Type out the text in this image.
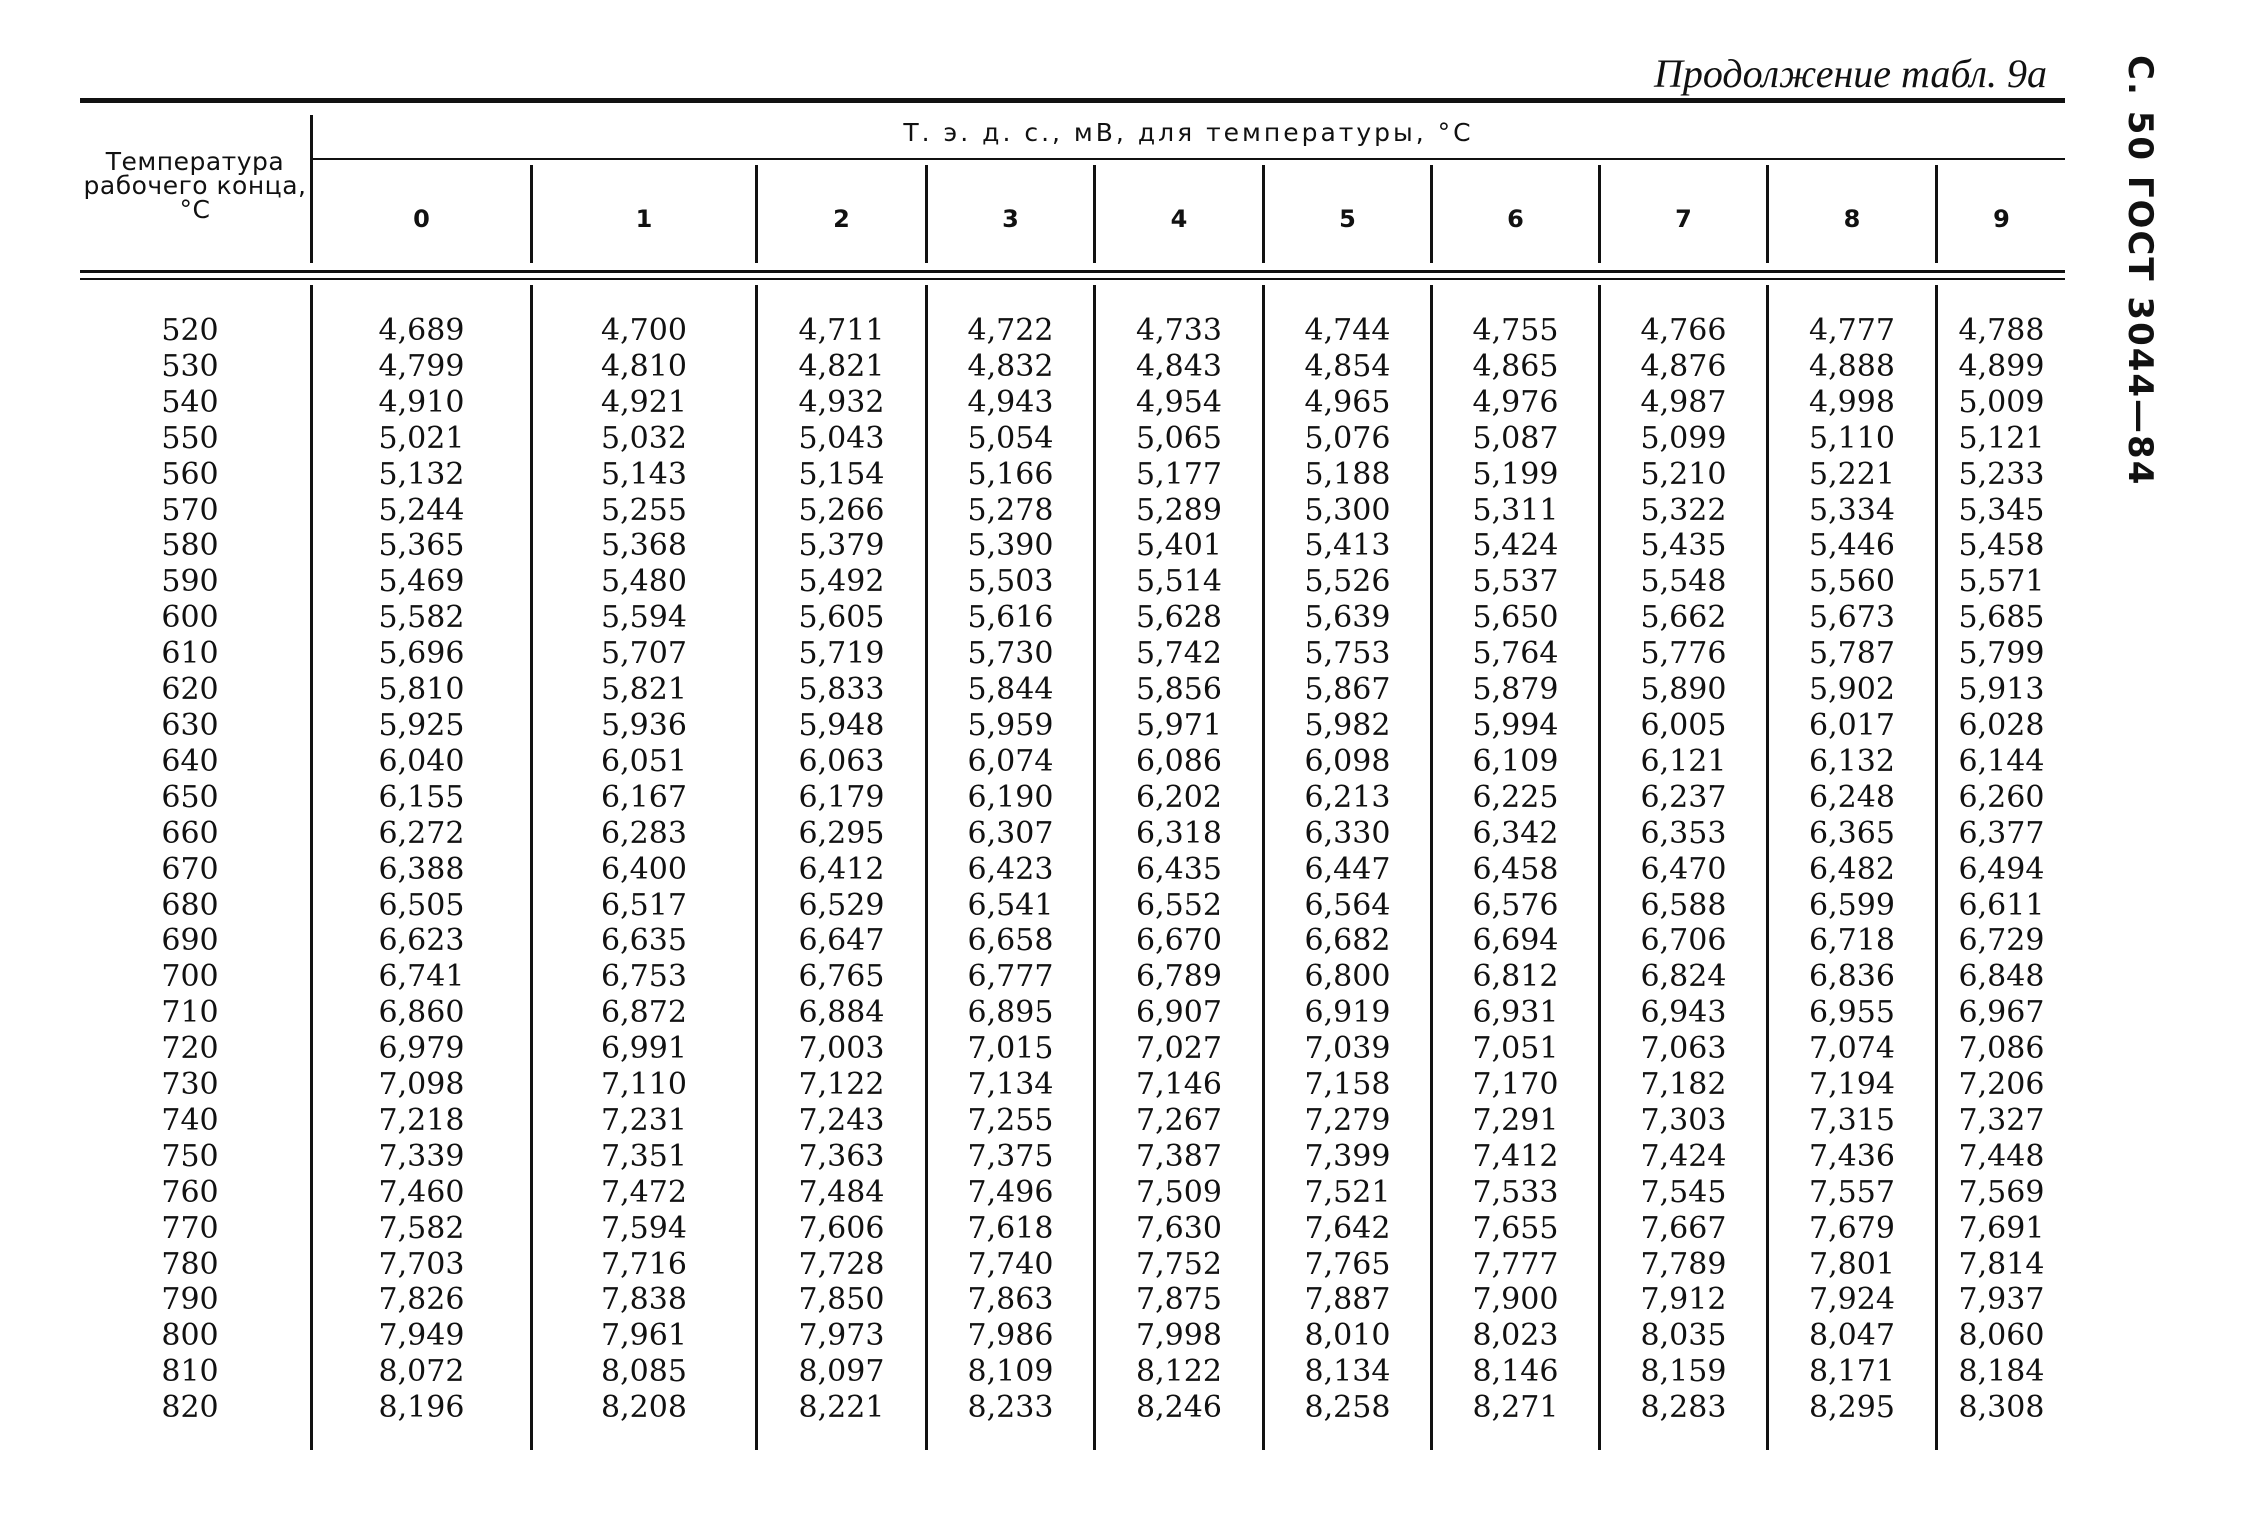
Продолжение табл. 9а С. 50 ГОСТ 3044—84
Температура рабочего конца, °С
Т. э. д. с., мВ, для температуры, °С
0
4,689
4,799
4,910
5,021
5,132
5,244
5,365
5,469
5,582
5,696
5,810
5,925
6,040
6,155
6,272
6,388
6,505
6,623
6,741
6,860
6,979
7,098
7,218
7,339
7,460
7,582
7,703
7,826
7,949
8,072
8,196
1
4,700
4,810
4,921
5,032
5,143
5,255
5,368
5,480
5,594
5,707
5,821
5,936
6,051
6,167
6,283
6,400
6,517
6,635
6,753
6,872
6,991
7,110
7,231
7,351
7,472
7,594
7,716
7,838
7,961
8,085
8,208
2
4,711
4,821
4,932
5,043
5,154
5,266
5,379
5,492
5,605
5,719
5,833
5,948
6,063
6,179
6,295
6,412
6,529
6,647
6,765
6,884
7,003
7,122
7,243
7,363
7,484
7,606
7,728
7,850
7,973
8,097
8,221
3
4,722
4,832
4,943
5,054
5,166
5,278
5,390
5,503
5,616
5,730
5,844
5,959
6,074
6,190
6,307
6,423
6,541
6,658
6,777
6,895
7,015
7,134
7,255
7,375
7,496
7,618
7,740
7,863
7,986
8,109
8,233
4
4,733
4,843
4,954
5,065
5,177
5,289
5,401
5,514
5,628
5,742
5,856
5,971
6,086
6,202
6,318
6,435
6,552
6,670
6,789
6,907
7,027
7,146
7,267
7,387
7,509
7,630
7,752
7,875
7,998
8,122
8,246
5
4,744
4,854
4,965
5,076
5,188
5,300
5,413
5,526
5,639
5,753
5,867
5,982
6,098
6,213
6,330
6,447
6,564
6,682
6,800
6,919
7,039
7,158
7,279
7,399
7,521
7,642
7,765
7,887
8,010
8,134
8,258
6
4,755
4,865
4,976
5,087
5,199
5,311
5,424
5,537
5,650
5,764
5,879
5,994
6,109
6,225
6,342
6,458
6,576
6,694
6,812
6,931
7,051
7,170
7,291
7,412
7,533
7,655
7,777
7,900
8,023
8,146
8,271
7
4,766
4,876
4,987
5,099
5,210
5,322
5,435
5,548
5,662
5,776
5,890
6,005
6,121
6,237
6,353
6,470
6,588
6,706
6,824
6,943
7,063
7,182
7,303
7,424
7,545
7,667
7,789
7,912
8,035
8,159
8,283
8
4,777
4,888
4,998
5,110
5,221
5,334
5,446
5,560
5,673
5,787
5,902
6,017
6,132
6,248
6,365
6,482
6,599
6,718
6,836
6,955
7,074
7,194
7,315
7,436
7,557
7,679
7,801
7,924
8,047
8,171
8,295
9
4,788
4,899
5,009
5,121
5,233
5,345
5,458
5,571
5,685
5,799
5,913
6,028
6,144
6,260
6,377
6,494
6,611
6,729
6,848
6,967
7,086
7,206
7,327
7,448
7,569
7,691
7,814
7,937
8,060
8,184
8,308
520
530
540
550
560
570
580
590
600
610
620
630
640
650
660
670
680
690
700
710
720
730
740
750
760
770
780
790
800
810
820
